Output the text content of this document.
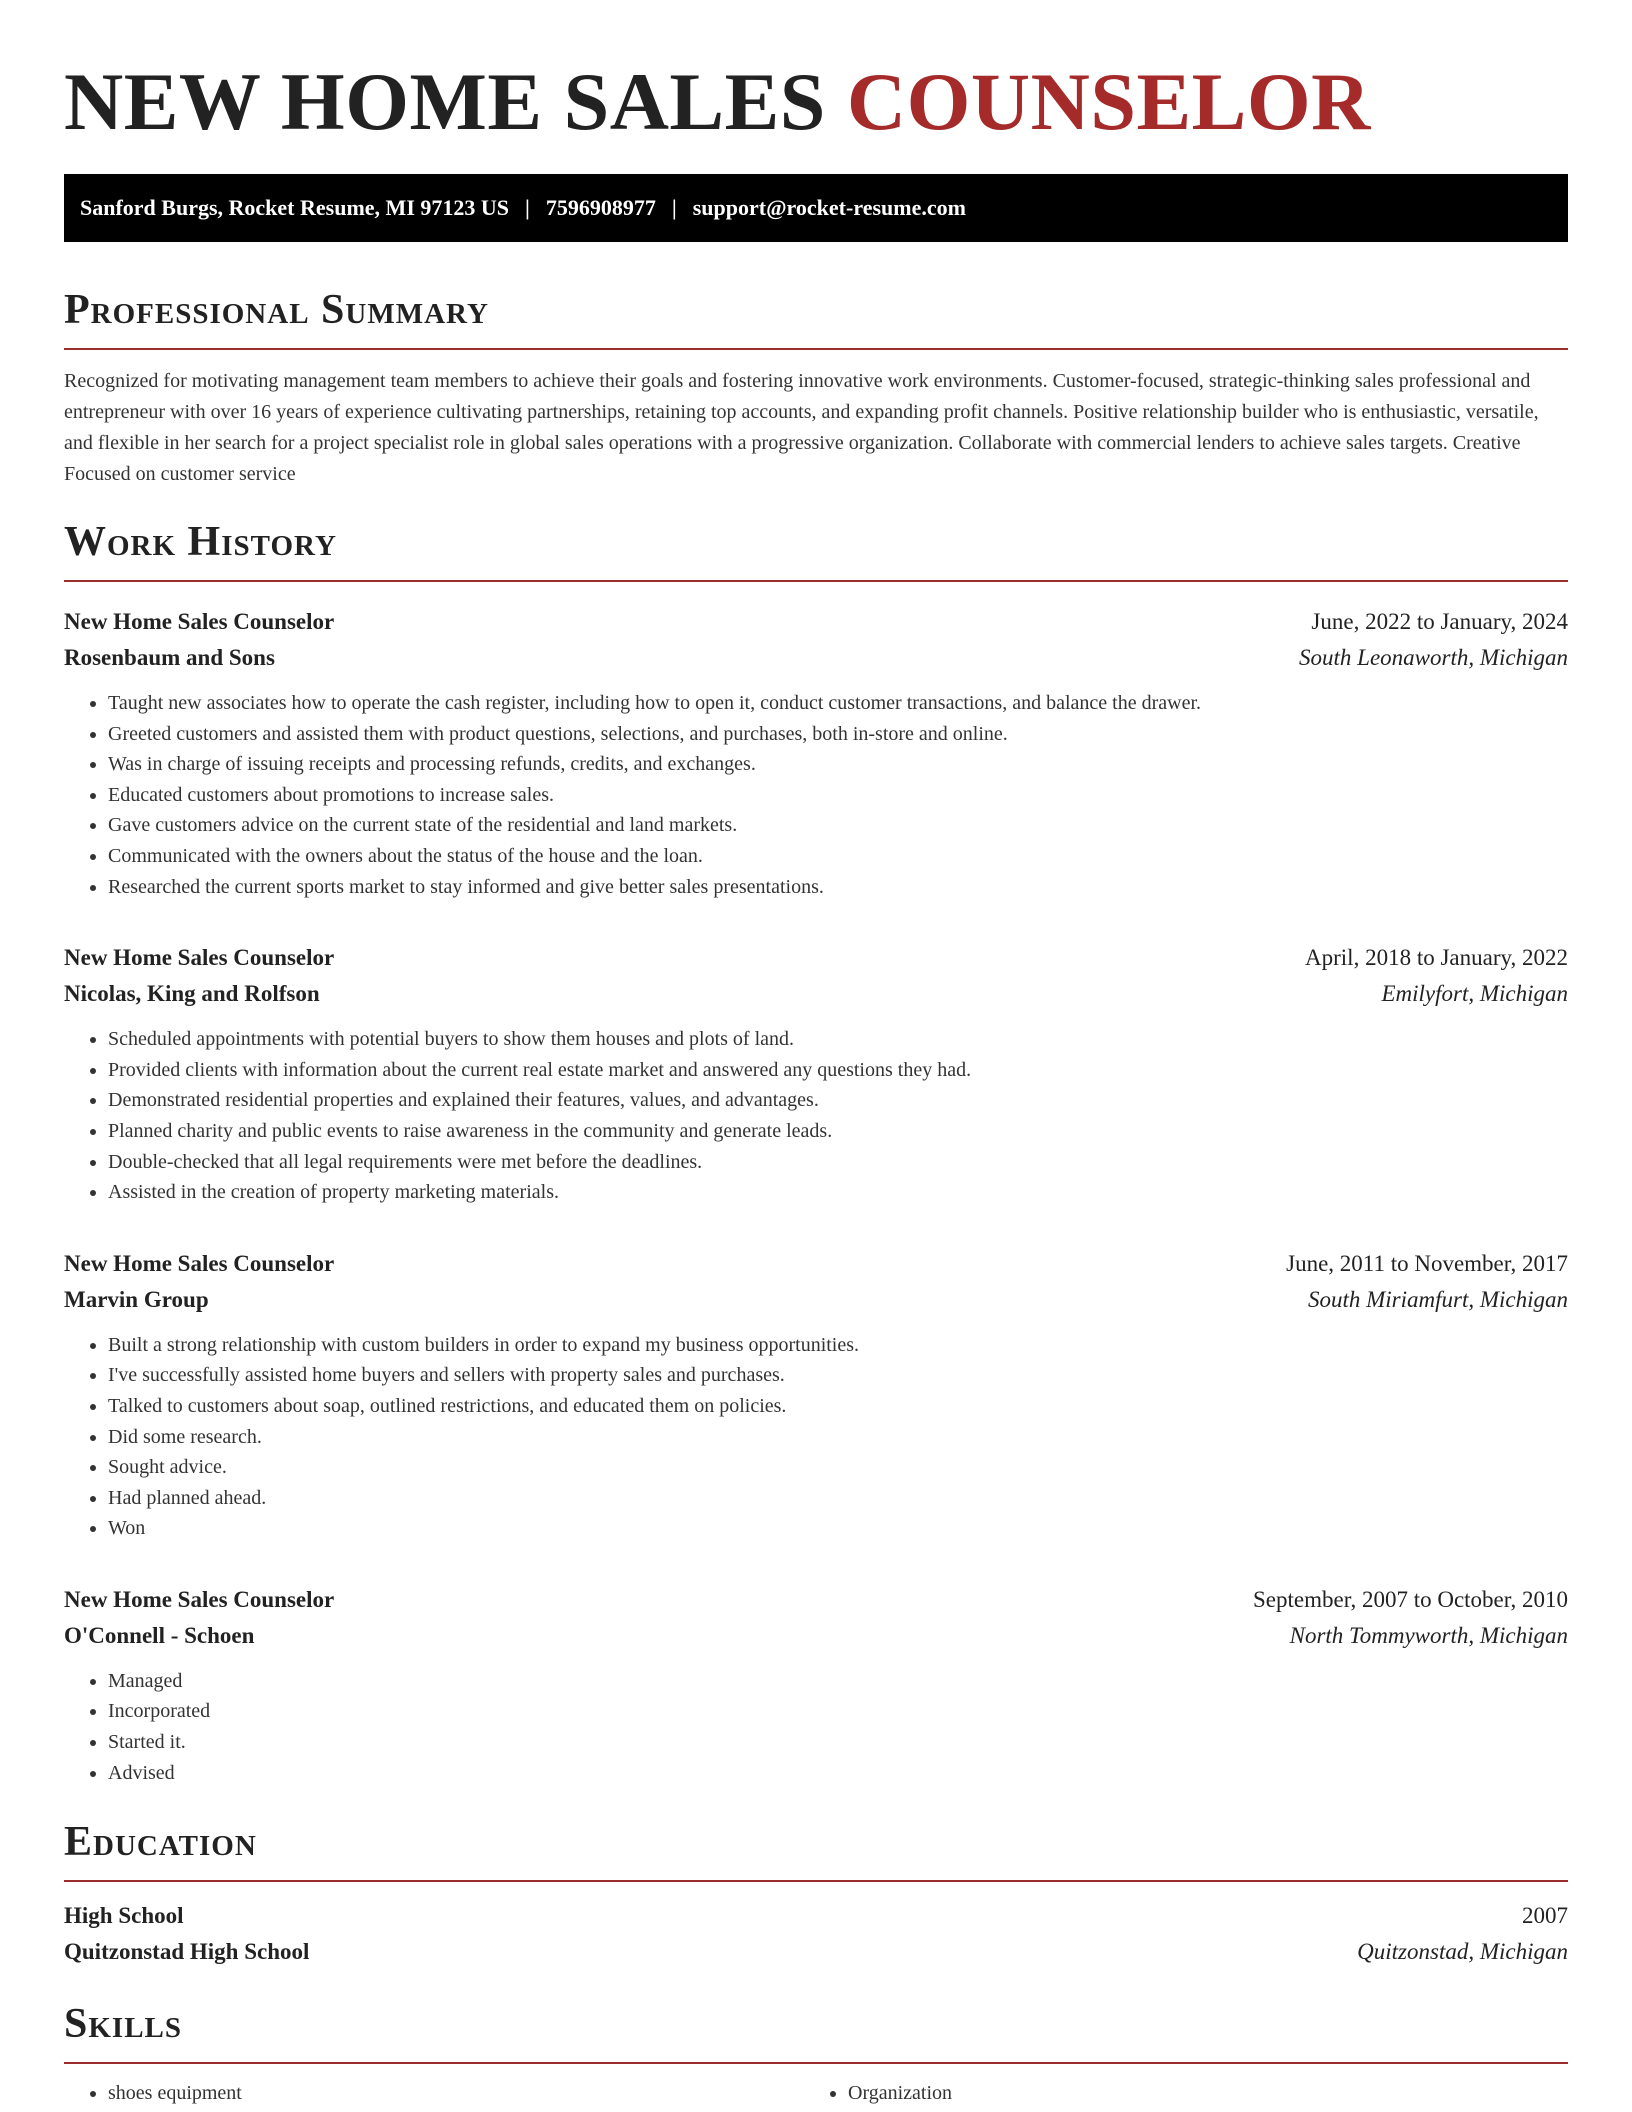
NEW HOME SALES COUNSELOR
Sanford Burgs, Rocket Resume, MI 97123 US | 7596908977 | support@rocket-resume.com
Professional Summary

Recognized for motivating management team members to achieve their goals and fostering innovative work environments. Customer-focused, strategic-thinking sales professional and entrepreneur with over 16 years of experience cultivating partnerships, retaining top accounts, and expanding profit channels. Positive relationship builder who is enthusiastic, versatile, and flexible in her search for a project specialist role in global sales operations with a progressive organization. Collaborate with commercial lenders to achieve sales targets. Creative Focused on customer service

Work History
New Home Sales Counselor	June, 2022 to January, 2024
Rosenbaum and Sons	South Leonaworth, Michigan
• Taught new associates how to operate the cash register, including how to open it, conduct customer transactions, and balance the drawer.
• Greeted customers and assisted them with product questions, selections, and purchases, both in-store and online.
• Was in charge of issuing receipts and processing refunds, credits, and exchanges.
• Educated customers about promotions to increase sales.
• Gave customers advice on the current state of the residential and land markets.
• Communicated with the owners about the status of the house and the loan.
• Researched the current sports market to stay informed and give better sales presentations.
New Home Sales Counselor	April, 2018 to January, 2022
Nicolas, King and Rolfson	Emilyfort, Michigan
• Scheduled appointments with potential buyers to show them houses and plots of land.
• Provided clients with information about the current real estate market and answered any questions they had.
• Demonstrated residential properties and explained their features, values, and advantages.
• Planned charity and public events to raise awareness in the community and generate leads.
• Double-checked that all legal requirements were met before the deadlines.
• Assisted in the creation of property marketing materials.
New Home Sales Counselor	June, 2011 to November, 2017
Marvin Group	South Miriamfurt, Michigan
• Built a strong relationship with custom builders in order to expand my business opportunities.
• I've successfully assisted home buyers and sellers with property sales and purchases.
• Talked to customers about soap, outlined restrictions, and educated them on policies.
• Did some research.
• Sought advice.
• Had planned ahead.
• Won
New Home Sales Counselor	September, 2007 to October, 2010
O'Connell - Schoen	North Tommyworth, Michigan
• Managed
• Incorporated
• Started it.
• Advised
Education
High School	2007
Quitzonstad High School	Quitzonstad, Michigan
Skills
• shoes equipment
•	Organization
